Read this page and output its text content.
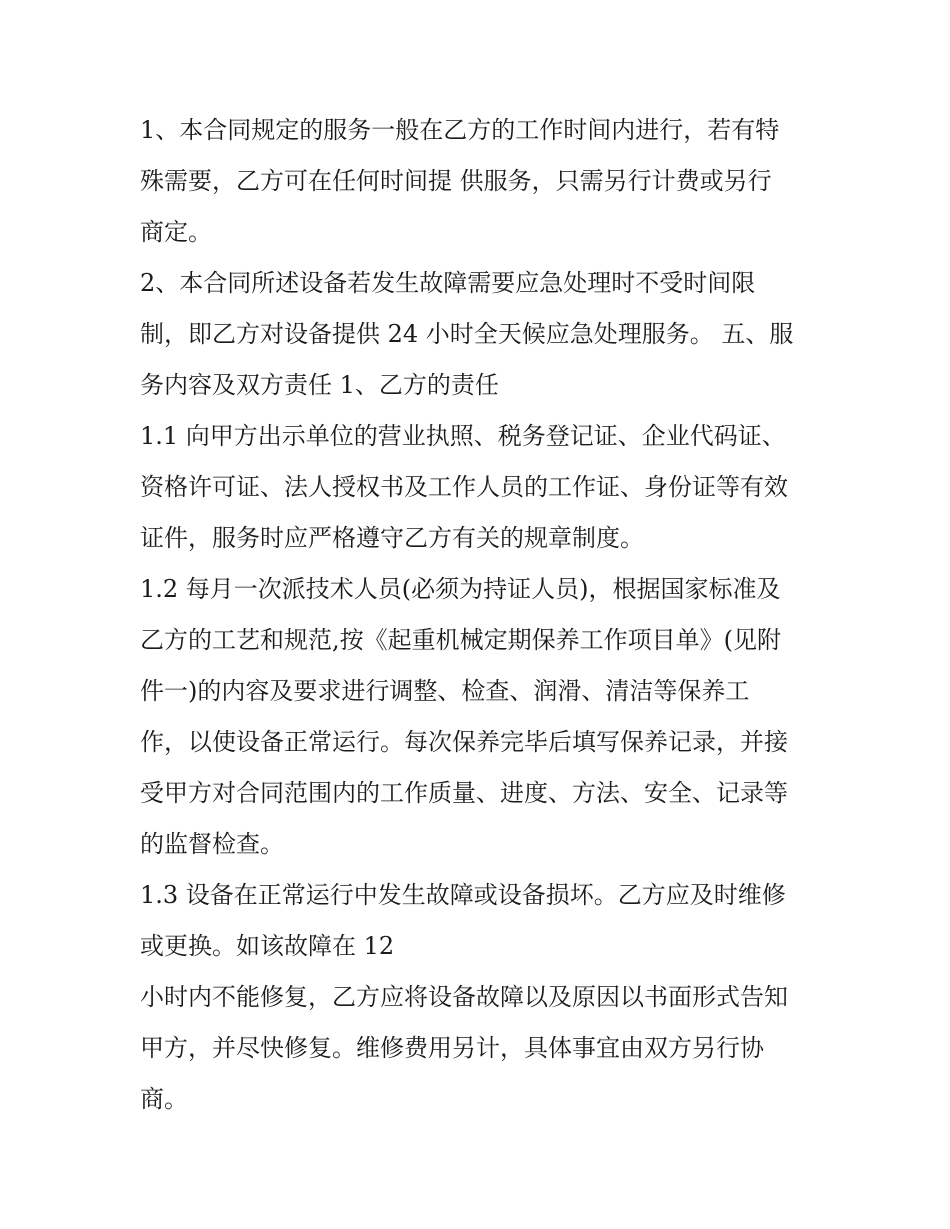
1、本合同规定的服务一般在乙方的工作时间内进行，若有特
殊需要，乙方可在任何时间提 供服务，只需另行计费或另行
商定。
2、本合同所述设备若发生故障需要应急处理时不受时间限
制，即乙方对设备提供 24 小时全天候应急处理服务。 五、服
务内容及双方责任 1、乙方的责任
1.1 向甲方出示单位的营业执照、税务登记证、企业代码证、
资格许可证、法人授权书及工作人员的工作证、身份证等有效
证件，服务时应严格遵守乙方有关的规章制度。
1.2 每月一次派技术人员(必须为持证人员)，根据国家标准及
乙方的工艺和规范,按《起重机械定期保养工作项目单》(见附
件一)的内容及要求进行调整、检查、润滑、清洁等保养工
作，以使设备正常运行。每次保养完毕后填写保养记录，并接
受甲方对合同范围内的工作质量、进度、方法、安全、记录等
的监督检查。
1.3 设备在正常运行中发生故障或设备损坏。乙方应及时维修
或更换。如该故障在 12
小时内不能修复，乙方应将设备故障以及原因以书面形式告知
甲方，并尽快修复。维修费用另计，具体事宜由双方另行协
商。
